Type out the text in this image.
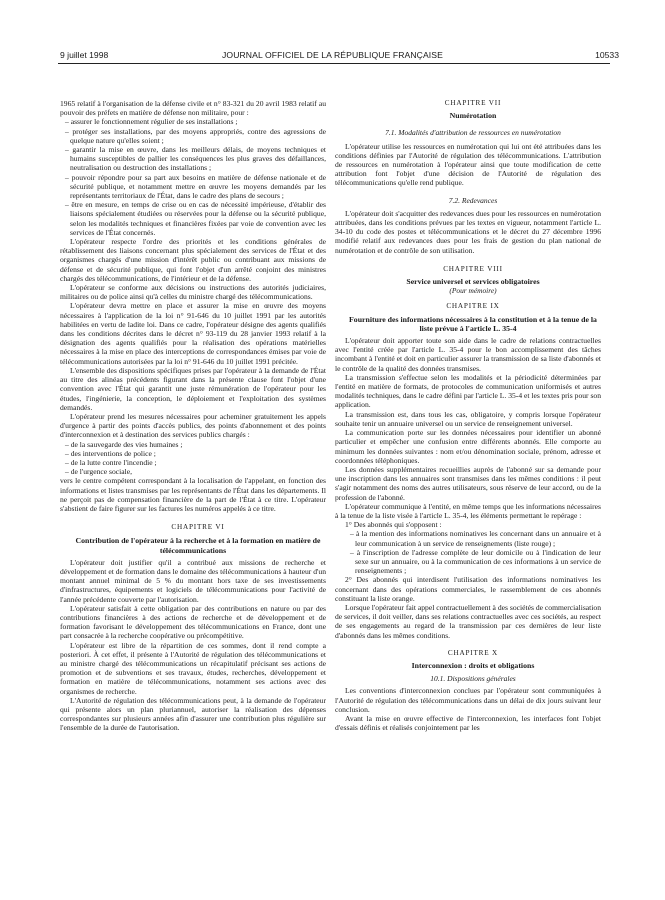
9 juillet 1998	JOURNAL OFFICIEL DE LA RÉPUBLIQUE FRANÇAISE	10533

1965 relatif à l'organisation de la défense civile et n° 83-321 du 20 avril 1983 relatif au pouvoir des préfets en matière de défense non militaire, pour :

– assurer le fonctionnement régulier de ses installations ;

– protéger ses installations, par des moyens appropriés, contre des agressions de quelque nature qu'elles soient ;

– garantir la mise en œuvre, dans les meilleurs délais, de moyens techniques et humains susceptibles de pallier les conséquences les plus graves des défaillances, neutralisation ou destruction des installations ;

– pouvoir répondre pour sa part aux besoins en matière de défense nationale et de sécurité publique, et notamment mettre en œuvre les moyens demandés par les représentants territoriaux de l'État, dans le cadre des plans de secours ;

– être en mesure, en temps de crise ou en cas de nécessité impérieuse, d'établir des liaisons spécialement étudiées ou réservées pour la défense ou la sécurité publique, selon les modalités techniques et financières fixées par voie de convention avec les services de l'État concernés.

L'opérateur respecte l'ordre des priorités et les conditions générales de rétablissement des liaisons concernant plus spécialement des services de l'État et des organismes chargés d'une mission d'intérêt public ou contribuant aux missions de défense et de sécurité publique, qui font l'objet d'un arrêté conjoint des ministres chargés des télécommunications, de l'intérieur et de la défense.

L'opérateur se conforme aux décisions ou instructions des autorités judiciaires, militaires ou de police ainsi qu'à celles du ministre chargé des télécommunications.

L'opérateur devra mettre en place et assurer la mise en œuvre des moyens nécessaires à l'application de la loi n° 91-646 du 10 juillet 1991 par les autorités habilitées en vertu de ladite loi. Dans ce cadre, l'opérateur désigne des agents qualifiés dans les conditions décrites dans le décret n° 93-119 du 28 janvier 1993 relatif à la désignation des agents qualifiés pour la réalisation des opérations matérielles nécessaires à la mise en place des interceptions de correspondances émises par voie de télécommunications autorisées par la loi n° 91-646 du 10 juillet 1991 précitée.

L'ensemble des dispositions spécifiques prises par l'opérateur à la demande de l'État au titre des alinéas précédents figurant dans la présente clause font l'objet d'une convention avec l'État qui garantit une juste rémunération de l'opérateur pour les études, l'ingénierie, la conception, le déploiement et l'exploitation des systèmes demandés.

L'opérateur prend les mesures nécessaires pour acheminer gratuitement les appels d'urgence à partir des points d'accès publics, des points d'abonnement et des points d'interconnexion et à destination des services publics chargés :

– de la sauvegarde des vies humaines ;

– des interventions de police ;

– de la lutte contre l'incendie ;

– de l'urgence sociale,

vers le centre compétent correspondant à la localisation de l'appelant, en fonction des informations et listes transmises par les représentants de l'État dans les départements. Il ne perçoit pas de compensation financière de la part de l'État à ce titre. L'opérateur s'abstient de faire figurer sur les factures les numéros appelés à ce titre.

CHAPITRE VI

Contribution de l'opérateur à la recherche et à la formation en matière de télécommunications

L'opérateur doit justifier qu'il a contribué aux missions de recherche et développement et de formation dans le domaine des télécommunications à hauteur d'un montant annuel minimal de 5 % du montant hors taxe de ses investissements d'infrastructures, équipements et logiciels de télécommunications pour l'activité de l'année précédente couverte par l'autorisation.

L'opérateur satisfait à cette obligation par des contributions en nature ou par des contributions financières à des actions de recherche et de développement et de formation favorisant le développement des télécommunications en France, dont une part consacrée à la recherche coopérative ou précompétitive.

L'opérateur est libre de la répartition de ces sommes, dont il rend compte a posteriori. À cet effet, il présente à l'Autorité de régulation des télécommunications et au ministre chargé des télécommunications un récapitulatif précisant ses actions de promotion et de subventions et ses travaux, études, recherches, développement et formation en matière de télécommunications, notamment ses actions avec des organismes de recherche.

L'Autorité de régulation des télécommunications peut, à la demande de l'opérateur qui présente alors un plan pluriannuel, autoriser la réalisation des dépenses correspondantes sur plusieurs années afin d'assurer une contribution plus régulière sur l'ensemble de la durée de l'autorisation.

CHAPITRE VII

Numérotation

7.1. Modalités d'attribution de ressources en numérotation

L'opérateur utilise les ressources en numérotation qui lui ont été attribuées dans les conditions définies par l'Autorité de régulation des télécommunications. L'attribution de ressources en numérotation à l'opérateur ainsi que toute modification de cette attribution font l'objet d'une décision de l'Autorité de régulation des télécommunications qu'elle rend publique.

7.2. Redevances

L'opérateur doit s'acquitter des redevances dues pour les ressources en numérotation attribuées, dans les conditions prévues par les textes en vigueur, notamment l'article L. 34-10 du code des postes et télécommunications et le décret du 27 décembre 1996 modifié relatif aux redevances dues pour les frais de gestion du plan national de numérotation et de contrôle de son utilisation.

CHAPITRE VIII

Service universel et services obligatoires

(Pour mémoire)

CHAPITRE IX

Fourniture des informations nécessaires à la constitution et à la tenue de la liste prévue à l'article L. 35-4

L'opérateur doit apporter toute son aide dans le cadre de relations contractuelles avec l'entité créée par l'article L. 35-4 pour le bon accomplissement des tâches incombant à l'entité et doit en particulier assurer la transmission de sa liste d'abonnés et le contrôle de la qualité des données transmises.

La transmission s'effectue selon les modalités et la périodicité déterminées par l'entité en matière de formats, de protocoles de communication uniformisés et autres modalités techniques, dans le cadre défini par l'article L. 35-4 et les textes pris pour son application.

La transmission est, dans tous les cas, obligatoire, y compris lorsque l'opérateur souhaite tenir un annuaire universel ou un service de renseignement universel.

La communication porte sur les données nécessaires pour identifier un abonné particulier et empêcher une confusion entre différents abonnés. Elle comporte au minimum les données suivantes : nom et/ou dénomination sociale, prénom, adresse et coordonnées téléphoniques.

Les données supplémentaires recueillies auprès de l'abonné sur sa demande pour une inscription dans les annuaires sont transmises dans les mêmes conditions : il peut s'agir notamment des noms des autres utilisateurs, sous réserve de leur accord, ou de la profession de l'abonné.

L'opérateur communique à l'entité, en même temps que les informations nécessaires à la tenue de la liste visée à l'article L. 35-4, les éléments permettant le repérage :

1° Des abonnés qui s'opposent :

– à la mention des informations nominatives les concernant dans un annuaire et à leur communication à un service de renseignements (liste rouge) ;

– à l'inscription de l'adresse complète de leur domicile ou à l'indication de leur sexe sur un annuaire, ou à la communication de ces informations à un service de renseignements ;

2° Des abonnés qui interdisent l'utilisation des informations nominatives les concernant dans des opérations commerciales, le rassemblement de ces abonnés constituant la liste orange.

Lorsque l'opérateur fait appel contractuellement à des sociétés de commercialisation de services, il doit veiller, dans ses relations contractuelles avec ces sociétés, au respect de ses engagements au regard de la transmission par ces dernières de leur liste d'abonnés dans les mêmes conditions.

CHAPITRE X

Interconnexion : droits et obligations

10.1. Dispositions générales

Les conventions d'interconnexion conclues par l'opérateur sont communiquées à l'Autorité de régulation des télécommunications dans un délai de dix jours suivant leur conclusion.

Avant la mise en œuvre effective de l'interconnexion, les interfaces font l'objet d'essais définis et réalisés conjointement par les
